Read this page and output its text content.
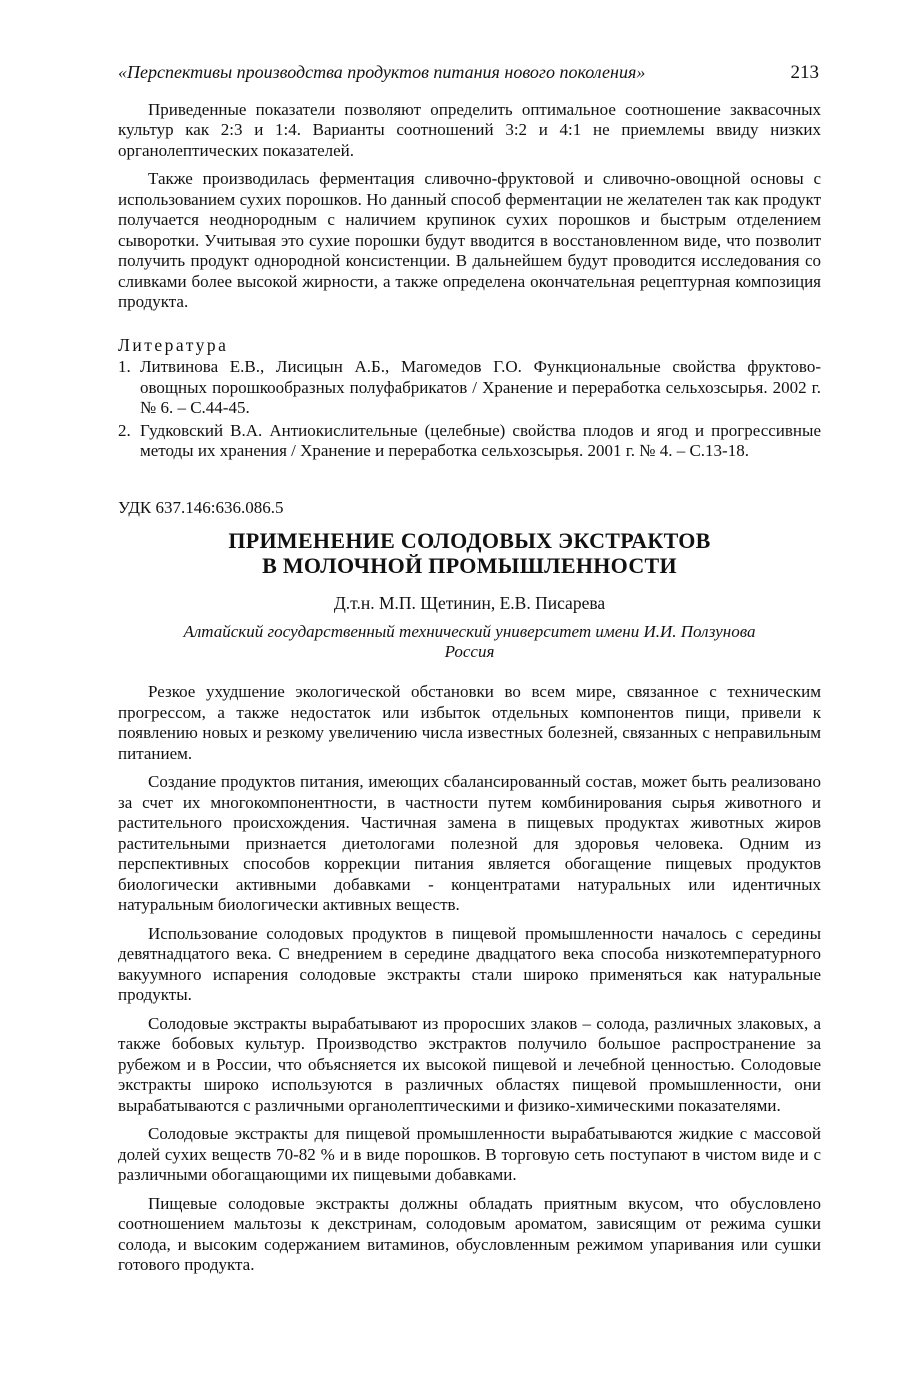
«Перспективы производства продуктов питания нового поколения»	213

Приведенные показатели позволяют определить оптимальное соотношение заквасочных культур как 2:3 и 1:4. Варианты соотношений 3:2 и 4:1 не приемлемы ввиду низких органолептических показателей.

Также производилась ферментация сливочно-фруктовой и сливочно-овощной основы с использованием сухих порошков. Но данный способ ферментации не желателен так как продукт получается неоднородным с наличием крупинок сухих порошков и быстрым отделением сыворотки. Учитывая это сухие порошки будут вводится в восстановленном виде, что позволит получить продукт однородной консистенции. В дальнейшем будут проводится исследования со сливками более высокой жирности, а также определена окончательная рецептурная композиция продукта.

Литература
1. Литвинова Е.В., Лисицын А.Б., Магомедов Г.О. Функциональные свойства фруктово-овощных порошкообразных полуфабрикатов / Хранение и переработка сельхозсырья. 2002 г. № 6. – С.44-45.
2. Гудковский В.А. Антиокислительные (целебные) свойства плодов и ягод и прогрессивные методы их хранения / Хранение и переработка сельхозсырья. 2001 г. № 4. – С.13-18.
УДК 637.146:636.086.5
ПРИМЕНЕНИЕ СОЛОДОВЫХ ЭКСТРАКТОВ
В МОЛОЧНОЙ ПРОМЫШЛЕННОСТИ
Д.т.н. М.П. Щетинин, Е.В. Писарева
Алтайский государственный технический университет имени И.И. Ползунова
Россия

Резкое ухудшение экологической обстановки во всем мире, связанное с техническим прогрессом, а также недостаток или избыток отдельных компонентов пищи, привели к появлению новых и резкому увеличению числа известных болезней, связанных с неправильным питанием.

Создание продуктов питания, имеющих сбалансированный состав, может быть реализовано за счет их многокомпонентности, в частности путем комбинирования сырья животного и растительного происхождения. Частичная замена в пищевых продуктах животных жиров растительными признается диетологами полезной для здоровья человека. Одним из перспективных способов коррекции питания является обогащение пищевых продуктов биологически активными добавками - концентратами натуральных или идентичных натуральным биологически активных веществ.

Использование солодовых продуктов в пищевой промышленности началось с середины девятнадцатого века. С внедрением в середине двадцатого века способа низкотемпературного вакуумного испарения солодовые экстракты стали широко применяться как натуральные продукты.

Солодовые экстракты вырабатывают из проросших злаков – солода, различных злаковых, а также бобовых культур. Производство экстрактов получило большое распространение за рубежом и в России, что объясняется их высокой пищевой и лечебной ценностью. Солодовые экстракты широко используются в различных областях пищевой промышленности, они вырабатываются с различными органолептическими и физико-химическими показателями.

Солодовые экстракты для пищевой промышленности вырабатываются жидкие с массовой долей сухих веществ 70-82 % и в виде порошков. В торговую сеть поступают в чистом виде и с различными обогащающими их пищевыми добавками.

Пищевые солодовые экстракты должны обладать приятным вкусом, что обусловлено соотношением мальтозы к декстринам, солодовым ароматом, зависящим от режима сушки солода, и высоким содержанием витаминов, обусловленным режимом упаривания или сушки готового продукта.
